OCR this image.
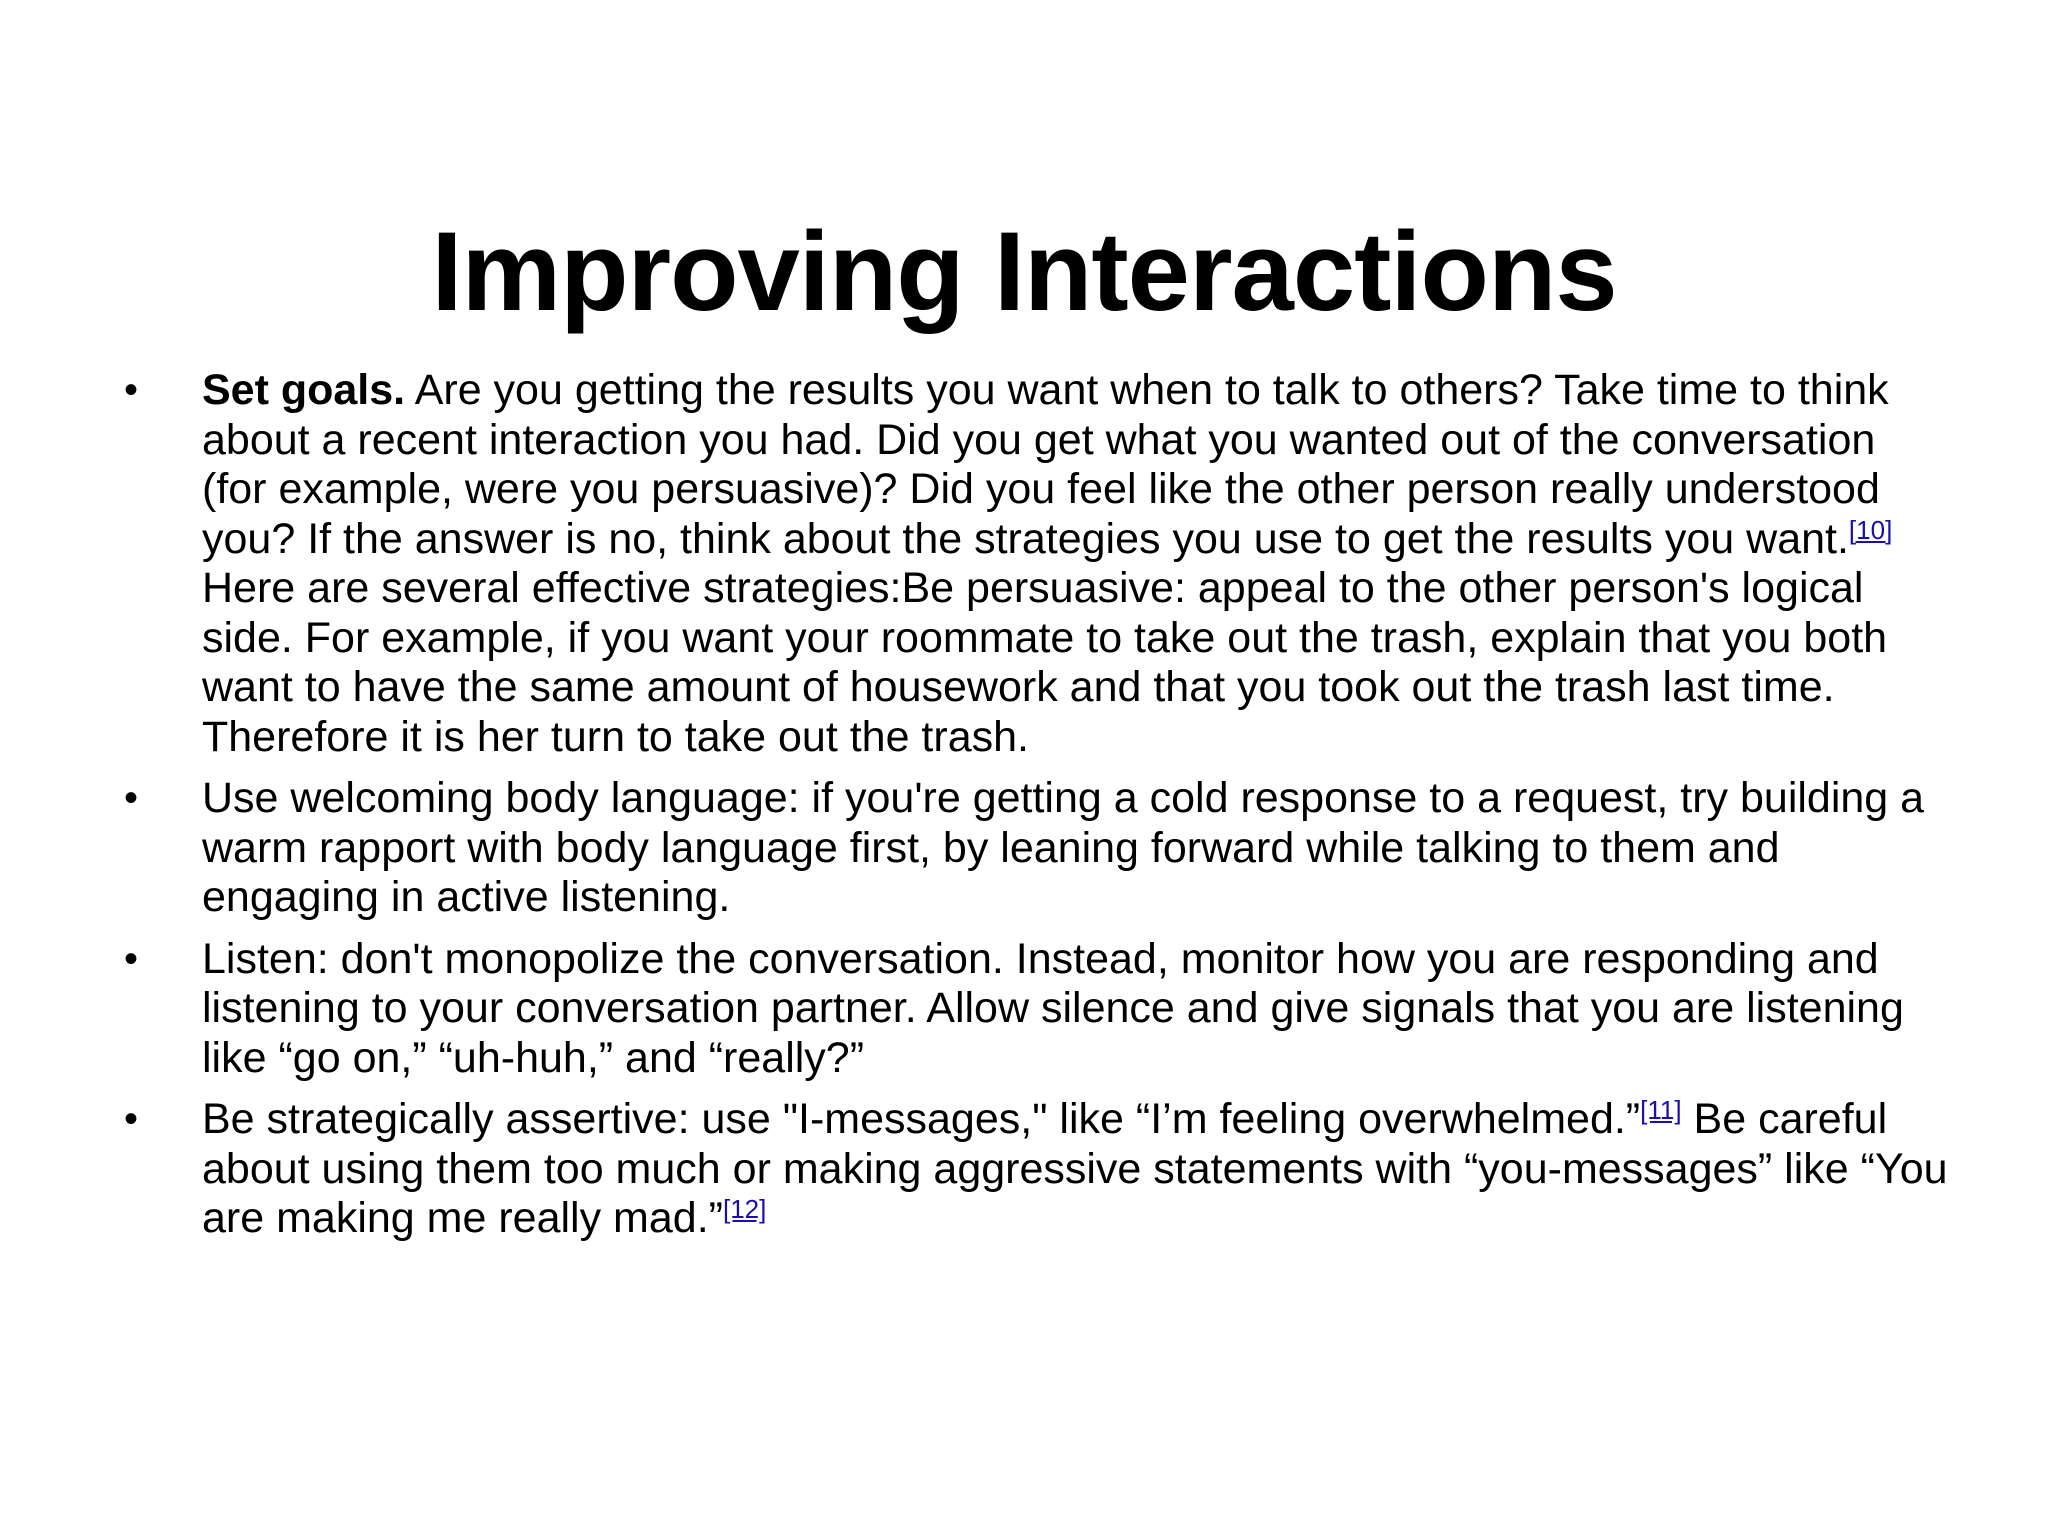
Improving Interactions
• Set goals. Are you getting the results you want when to talk to others? Take time to think about a recent interaction you had. Did you get what you wanted out of the conversation (for example, were you persuasive)? Did you feel like the other person really understood you? If the answer is no, think about the strategies you use to get the results you want.[10] Here are several effective strategies:Be persuasive: appeal to the other person's logical side. For example, if you want your roommate to take out the trash, explain that you both want to have the same amount of housework and that you took out the trash last time. Therefore it is her turn to take out the trash.
• Use welcoming body language: if you're getting a cold response to a request, try building a warm rapport with body language first, by leaning forward while talking to them and engaging in active listening.
• Listen: don't monopolize the conversation. Instead, monitor how you are responding and listening to your conversation partner. Allow silence and give signals that you are listening like “go on,” “uh-huh,” and “really?”
• Be strategically assertive: use "I-messages," like “I’m feeling overwhelmed.”[11] Be careful about using them too much or making aggressive statements with “you-messages” like “You are making me really mad.”[12]
